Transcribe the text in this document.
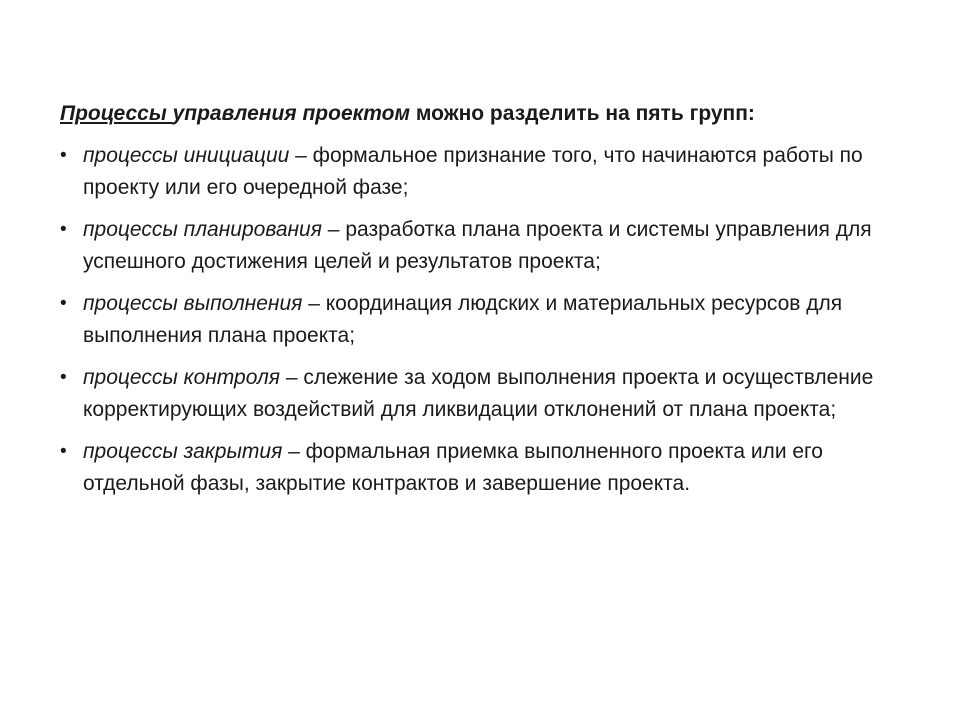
Процессы управления проектом можно разделить на пять групп:
• процессы инициации – формальное признание того, что начинаются работы по проекту или его очередной фазе;
• процессы планирования – разработка плана проекта и системы управления для успешного достижения целей и результатов проекта;
• процессы выполнения – координация людских и материальных ресурсов для выполнения плана проекта;
• процессы контроля – слежение за ходом выполнения проекта и осуществление корректирующих воздействий для ликвидации отклонений от плана проекта;
• процессы закрытия – формальная приемка выполненного проекта или его отдельной фазы, закрытие контрактов и завершение проекта.
